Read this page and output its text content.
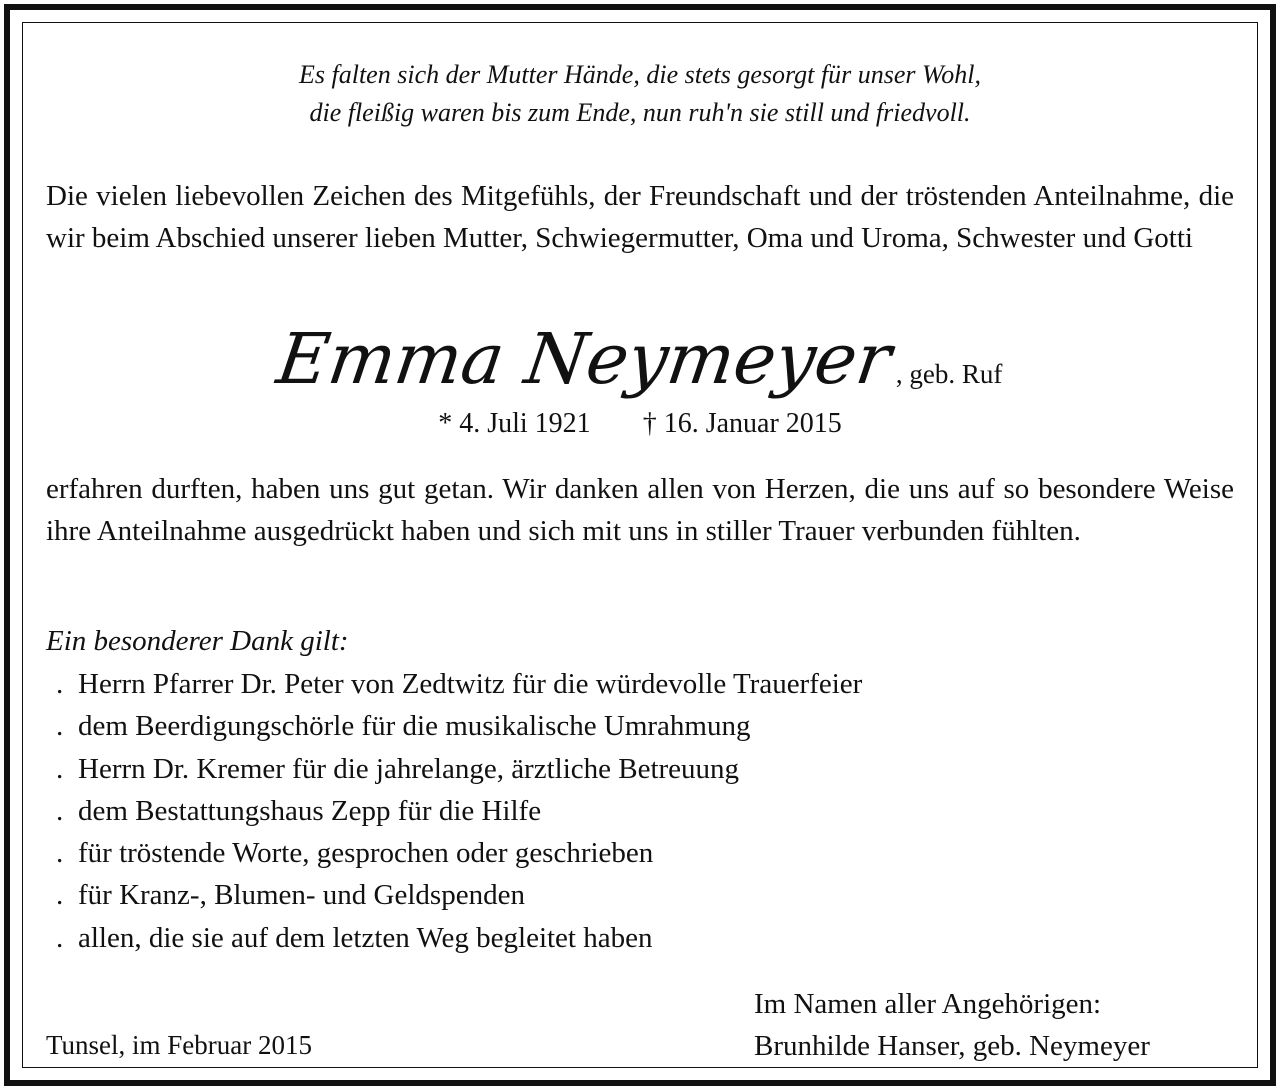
Es falten sich der Mutter Hände, die stets gesorgt für unser Wohl,
die fleißig waren bis zum Ende, nun ruh'n sie still und friedvoll.
Die vielen liebevollen Zeichen des Mitgefühls, der Freundschaft und der tröstenden Anteilnahme, die wir beim Abschied unserer lieben Mutter, Schwiegermutter, Oma und Uroma, Schwester und Gotti
Emma Neymeyer, geb. Ruf
* 4. Juli 1921 † 16. Januar 2015
erfahren durften, haben uns gut getan. Wir danken allen von Herzen, die uns auf so besondere Weise ihre Anteilnahme ausgedrückt haben und sich mit uns in stiller Trauer verbunden fühlten.
Ein besonderer Dank gilt:
. Herrn Pfarrer Dr. Peter von Zedtwitz für die würdevolle Trauerfeier
. dem Beerdigungschörle für die musikalische Umrahmung
. Herrn Dr. Kremer für die jahrelange, ärztliche Betreuung
. dem Bestattungshaus Zepp für die Hilfe
. für tröstende Worte, gesprochen oder geschrieben
. für Kranz-, Blumen- und Geldspenden
. allen, die sie auf dem letzten Weg begleitet haben
Tunsel, im Februar 2015
Im Namen aller Angehörigen:
Brunhilde Hanser, geb. Neymeyer
